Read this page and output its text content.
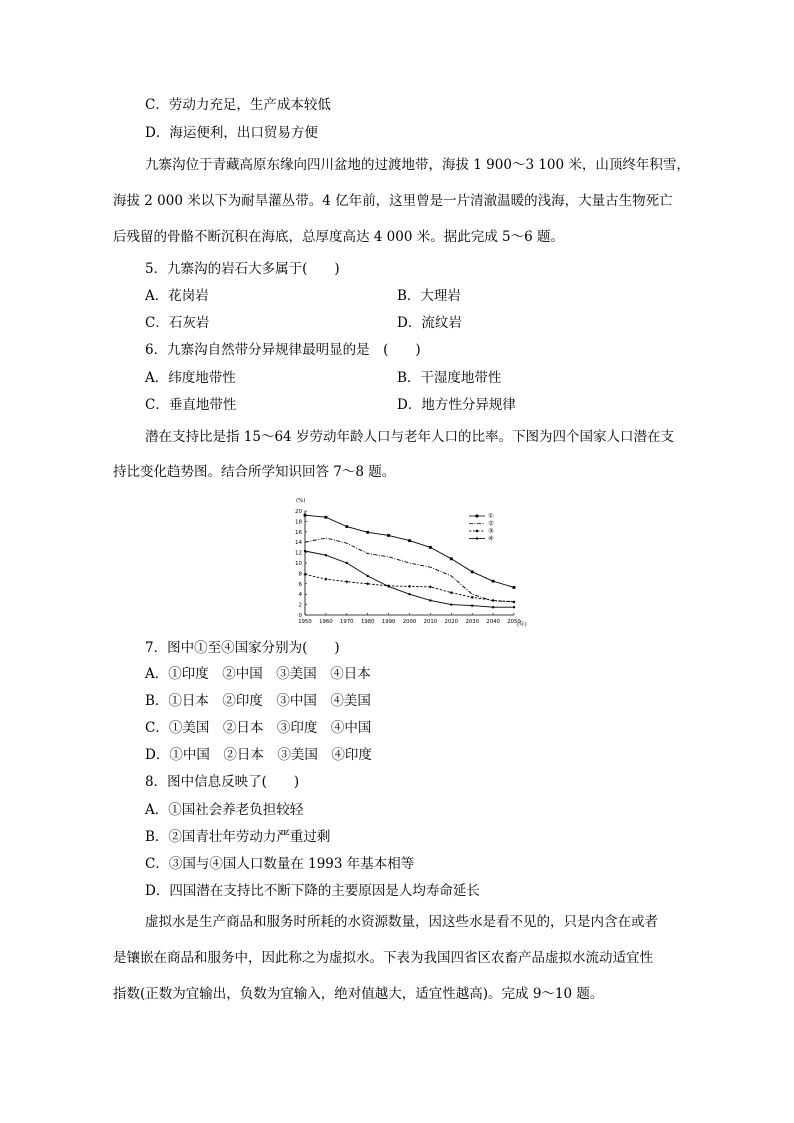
C．劳动力充足，生产成本较低
D．海运便利，出口贸易方便
九寨沟位于青藏高原东缘向四川盆地的过渡地带，海拔 1 900～3 100 米，山顶终年积雪，
海拔 2 000 米以下为耐旱灌丛带。4 亿年前，这里曾是一片清澈温暖的浅海，大量古生物死亡
后残留的骨骼不断沉积在海底，总厚度高达 4 000 米。据此完成 5～6 题。
5．九寨沟的岩石大多属于(　　)
A．花岗岩	B．大理岩
C．石灰岩	D．流纹岩
6．九寨沟自然带分异规律最明显的是　(　　)
A．纬度地带性	B．干湿度地带性
C．垂直地带性	D．地方性分异规律
潜在支持比是指 15～64 岁劳动年龄人口与老年人口的比率。下图为四个国家人口潜在支
持比变化趋势图。结合所学知识回答 7～8 题。
(%)
(年)
0
2
4
6
8
10
12
14
16
18
20
1950 1960 1970 1980 1990 2000 2010 2020 2030 2040 2050
①
②
③
④
7．图中①至④国家分别为(　　)
A．①印度　②中国　③美国　④日本
B．①日本　②印度　③中国　④美国
C．①美国　②日本　③印度　④中国
D．①中国　②日本　③美国　④印度
8．图中信息反映了(　　)
A．①国社会养老负担较轻
B．②国青壮年劳动力严重过剩
C．③国与④国人口数量在 1993 年基本相等
D．四国潜在支持比不断下降的主要原因是人均寿命延长
虚拟水是生产商品和服务时所耗的水资源数量，因这些水是看不见的，只是内含在或者
是镶嵌在商品和服务中，因此称之为虚拟水。下表为我国四省区农畜产品虚拟水流动适宜性
指数(正数为宜输出，负数为宜输入，绝对值越大，适宜性越高)。完成 9～10 题。
